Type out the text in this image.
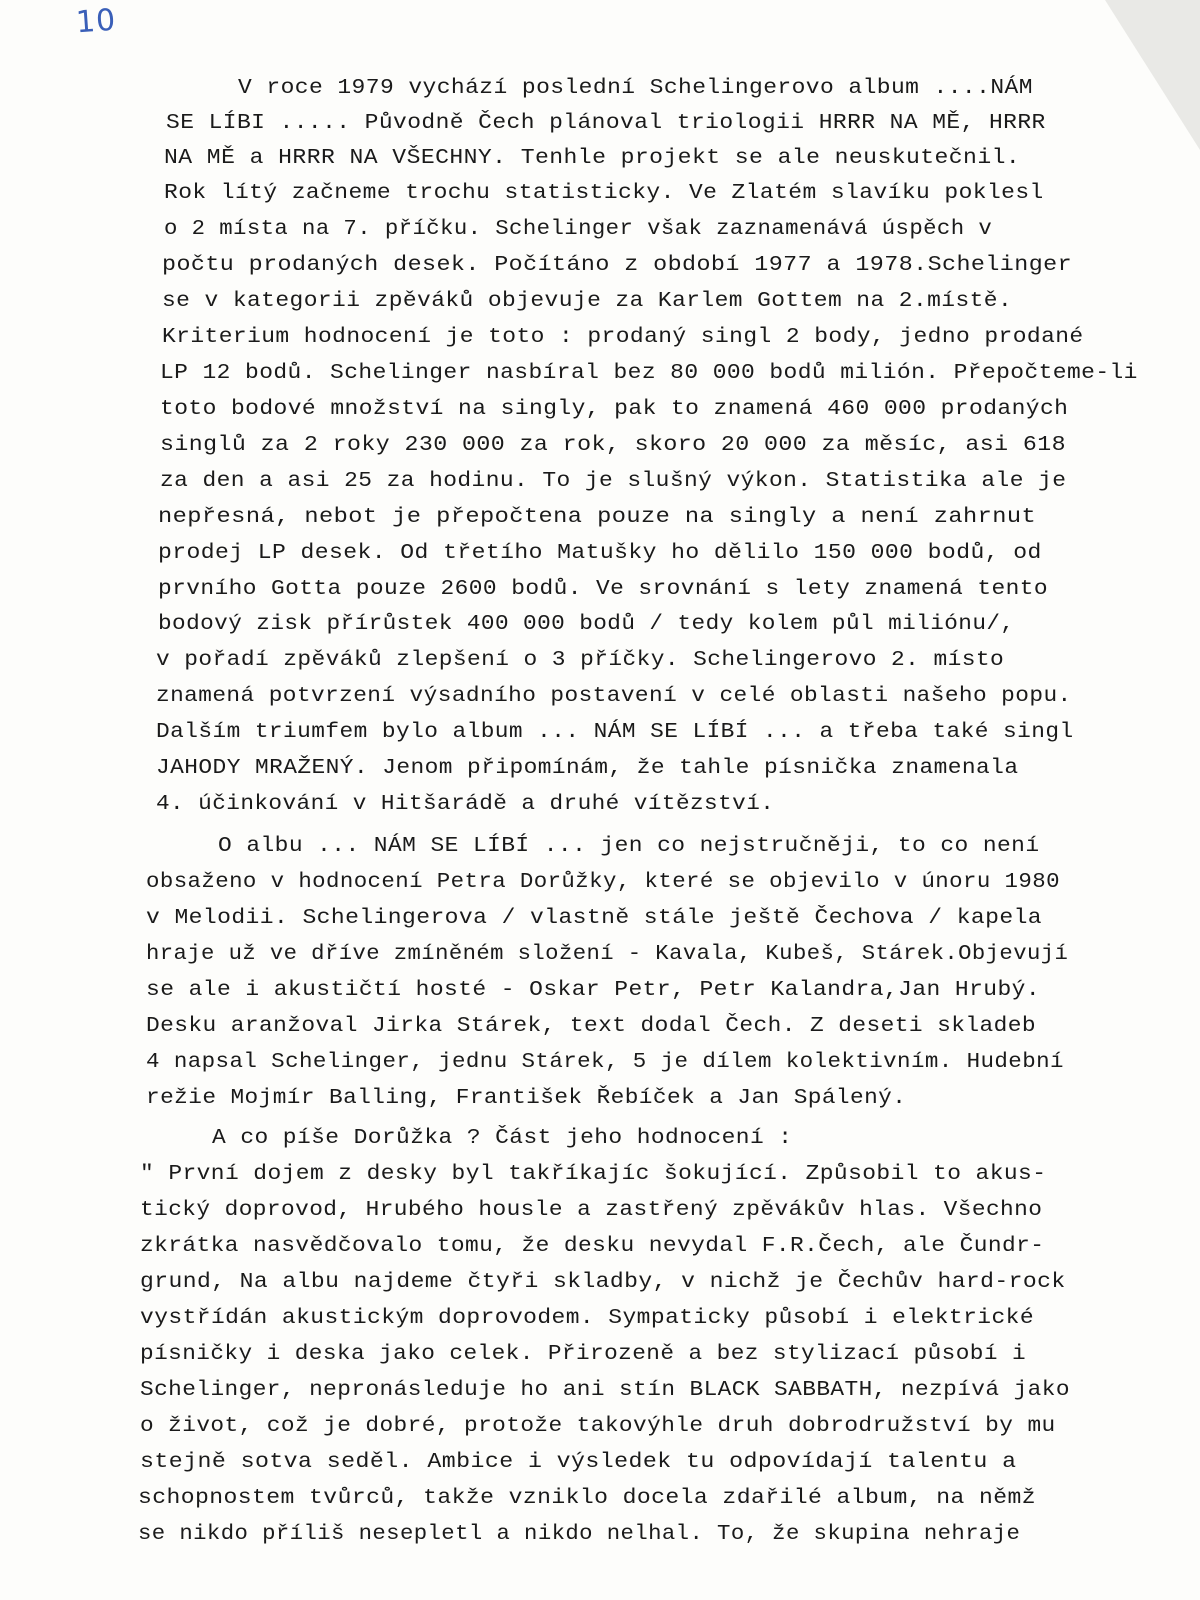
10
V roce 1979 vychází poslední Schelingerovo album ....NÁM
SE LÍBI ..... Původně Čech plánoval triologii HRRR NA MĚ, HRRR
NA MĚ a HRRR NA VŠECHNY. Tenhle projekt se ale neuskutečnil.
Rok lítý začneme trochu statisticky. Ve Zlatém slavíku poklesl
o 2 místa na 7. příčku. Schelinger však zaznamenává úspěch v
počtu prodaných desek. Počítáno z období 1977 a 1978.Schelinger
se v kategorii zpěváků objevuje za Karlem Gottem na 2.místě.
Kriterium hodnocení je toto : prodaný singl 2 body, jedno prodané
LP 12 bodů. Schelinger nasbíral bez 80 000 bodů milión. Přepočteme-li
toto bodové množství na singly, pak to znamená 460 000 prodaných
singlů za 2 roky 230 000 za rok, skoro 20 000 za měsíc, asi 618
za den a asi 25 za hodinu. To je slušný výkon. Statistika ale je
nepřesná, nebot je přepočtena pouze na singly a není zahrnut
prodej LP desek. Od třetího Matušky ho dělilo 150 000 bodů, od
prvního Gotta pouze 2600 bodů. Ve srovnání s lety znamená tento
bodový zisk přírůstek 400 000 bodů / tedy kolem půl miliónu/,
v pořadí zpěváků zlepšení o 3 příčky. Schelingerovo 2. místo
znamená potvrzení výsadního postavení v celé oblasti našeho popu.
Dalším triumfem bylo album ... NÁM SE LÍBÍ ... a třeba také singl
JAHODY MRAŽENÝ. Jenom připomínám, že tahle písnička znamenala
4. účinkování v Hitšarádě a druhé vítězství.
O albu ... NÁM SE LÍBÍ ... jen co nejstručněji, to co není
obsaženo v hodnocení Petra Dorůžky, které se objevilo v únoru 1980
v Melodii. Schelingerova / vlastně stále ještě Čechova / kapela
hraje už ve dříve zmíněném složení - Kavala, Kubeš, Stárek.Objevují
se ale i akustičtí hosté - Oskar Petr, Petr Kalandra,Jan Hrubý.
Desku aranžoval Jirka Stárek, text dodal Čech. Z deseti skladeb
4 napsal Schelinger, jednu Stárek, 5 je dílem kolektivním. Hudební
režie Mojmír Balling, František Řebíček a Jan Spálený.
A co píše Dorůžka ? Část jeho hodnocení :
" První dojem z desky byl takříkajíc šokující. Způsobil to akus-
tický doprovod, Hrubého housle a zastřený zpěvákův hlas. Všechno
zkrátka nasvědčovalo tomu, že desku nevydal F.R.Čech, ale Čundr-
grund, Na albu najdeme čtyři skladby, v nichž je Čechův hard-rock
vystřídán akustickým doprovodem. Sympaticky působí i elektrické
písničky i deska jako celek. Přirozeně a bez stylizací působí i
Schelinger, nepronásleduje ho ani stín BLACK SABBATH, nezpívá jako
o život, což je dobré, protože takovýhle druh dobrodružství by mu
stejně sotva seděl. Ambice i výsledek tu odpovídají talentu a
schopnostem tvůrců, takže vzniklo docela zdařilé album, na němž
se nikdo příliš nesepletl a nikdo nelhal. To, že skupina nehraje
